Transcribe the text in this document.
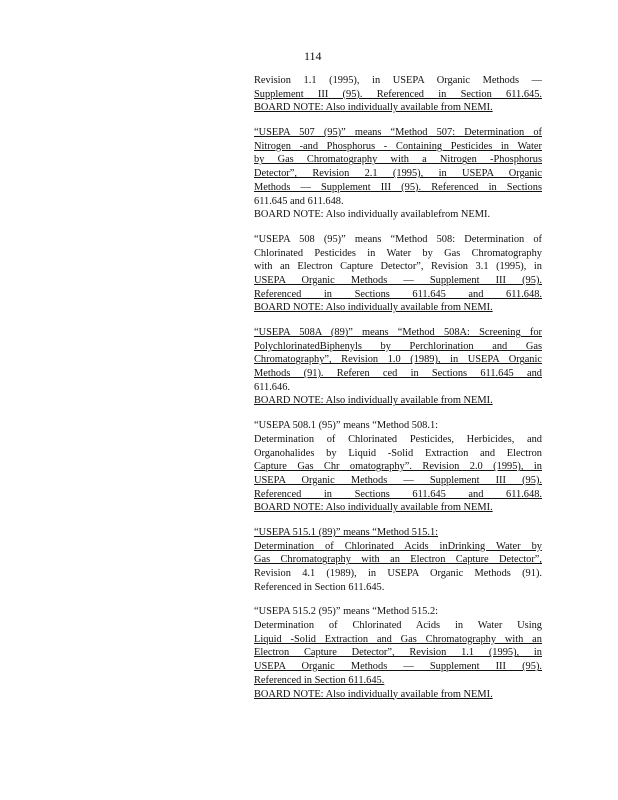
114
Revision 1.1 (1995), in USEPA Organic Methods —
Supplement III (95). Referenced in Section 611.645.
BOARD NOTE: Also individually available from NEMI.
“USEPA 507 (95)” means “Method 507: Determination of
Nitrogen -and Phosphorus - Containing Pesticides in Water
by Gas Chromatography with a Nitrogen -Phosphorus
Detector”, Revision 2.1 (1995), in USEPA Organic
Methods — Supplement III (95). Referenced in Sections
611.645 and 611.648.
BOARD NOTE: Also individually availablefrom NEMI.
“USEPA 508 (95)” means “Method 508: Determination of
Chlorinated Pesticides in Water by Gas Chromatography
with an Electron Capture Detector”, Revision 3.1 (1995), in
USEPA Organic Methods — Supplement III (95).
Referenced in Sections 611.645 and 611.648.
BOARD NOTE: Also individually available from NEMI.
“USEPA 508A (89)” means “Method 508A: Screening for
PolychlorinatedBiphenyls by Perchlorination and Gas
Chromatography”, Revision 1.0 (1989), in USEPA Organic
Methods (91). Referen ced in Sections 611.645 and
611.646.
BOARD NOTE: Also individually available from NEMI.
“USEPA 508.1 (95)” means “Method 508.1:
Determination of Chlorinated Pesticides, Herbicides, and
Organohalides by Liquid -Solid Extraction and Electron
Capture Gas Chr omatography”. Revision 2.0 (1995), in
USEPA Organic Methods — Supplement III (95).
Referenced in Sections 611.645 and 611.648.
BOARD NOTE: Also individually available from NEMI.
“USEPA 515.1 (89)” means “Method 515.1:
Determination of Chlorinated Acids inDrinking Water by
Gas Chromatography with an Electron Capture Detector”,
Revision 4.1 (1989), in USEPA Organic Methods (91).
Referenced in Section 611.645.
“USEPA 515.2 (95)” means “Method 515.2:
Determination of Chlorinated Acids in Water Using
Liquid -Solid Extraction and Gas Chromatography with an
Electron Capture Detector”, Revision 1.1 (1995), in
USEPA Organic Methods — Supplement III (95).
Referenced in Section 611.645.
BOARD NOTE: Also individually available from NEMI.
